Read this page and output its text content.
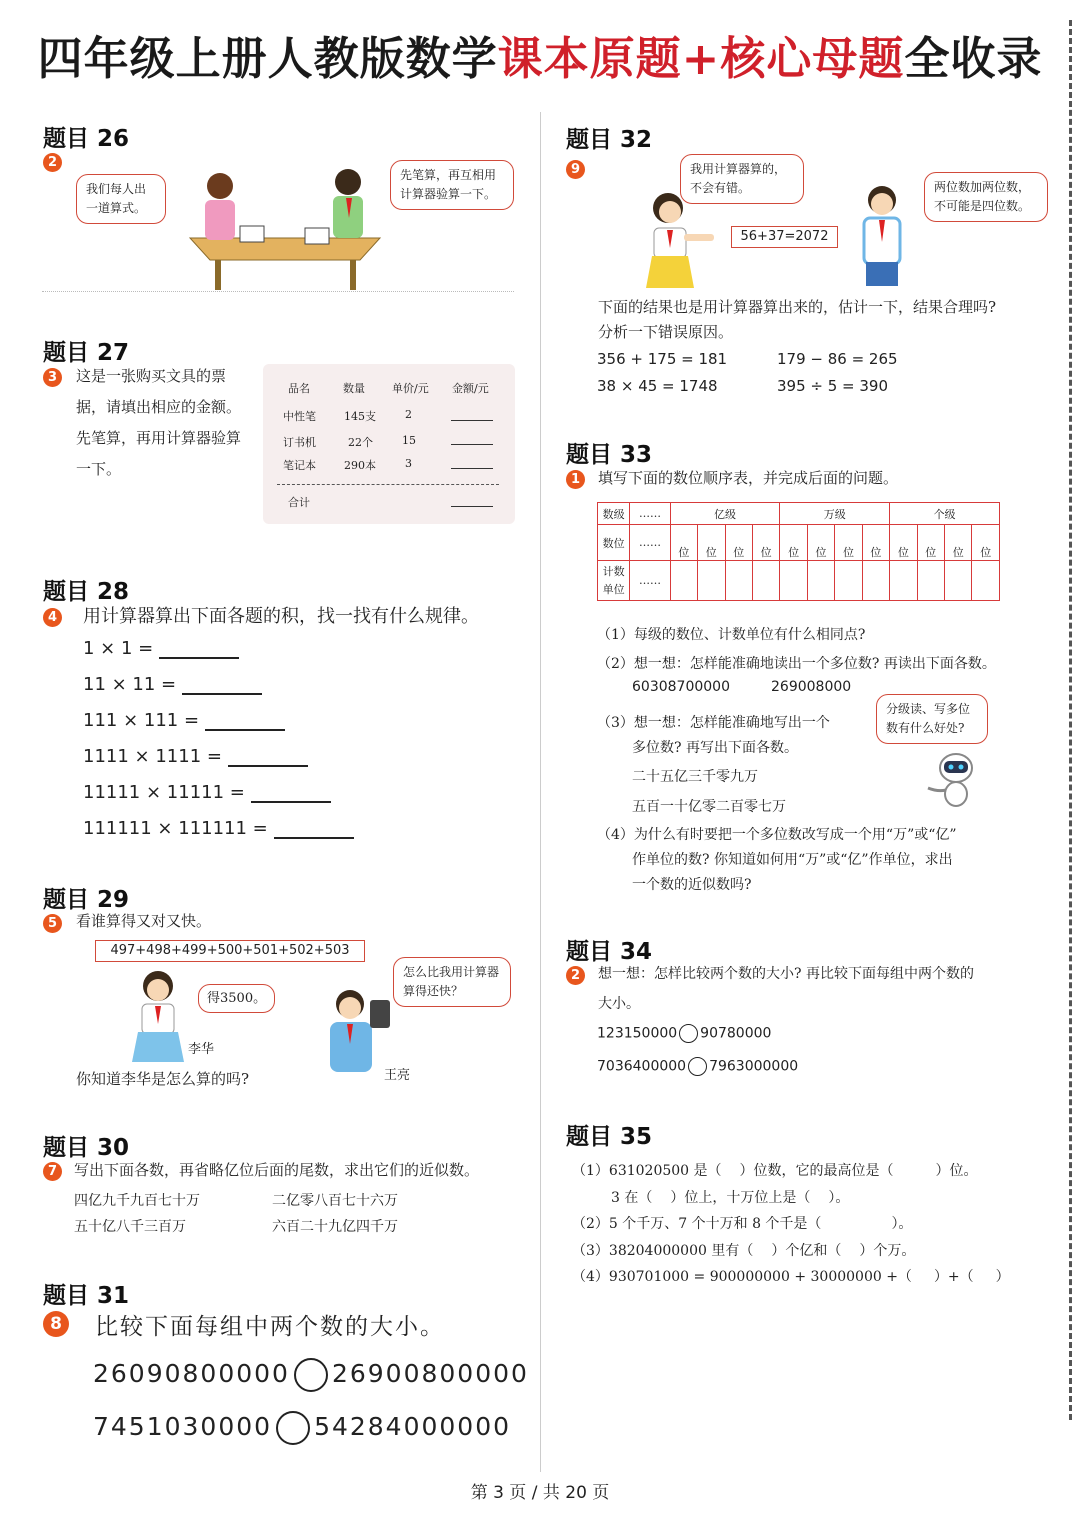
四年级上册人教版数学课本原题+核心母题全收录
题目 26
2
我们每人出一道算式。
先笔算，再互相用计算器验算一下。
题目 27
3	这是一张购买文具的票据，请填出相应的金额。先笔算，再用计算器验算一下。
品名	数量 单价/元 金额/元
中性笔	145支	2
订书机	22个	15
笔记本	290本	3
合计
题目 28
4 用计算器算出下面各题的积，找一找有什么规律。
1 × 1 =
11 × 11 =
111 × 111 =
1111 × 1111 =
11111 × 11111 =
111111 × 111111 =
题目 29
5	看谁算得又对又快。
497+498+499+500+501+502+503
得3500。
李华
怎么比我用计算器算得还快？
王亮
你知道李华是怎么算的吗?
题目 30
7	写出下面各数，再省略亿位后面的尾数，求出它们的近似数。
四亿九千九百七十万	二亿零八百七十六万
五十亿八千三百万	六百二十九亿四千万
题目 31
8	比较下面每组中两个数的大小。
26090800000 26900800000
7451030000 54284000000
题目 32
9	我用计算器算的，不会有错。	两位数加两位数，不可能是四位数。
56+37=2072
下面的结果也是用计算器算出来的，估计一下，结果合理吗?
分析一下错误原因。
356 + 175 = 181	179 − 86 = 265
38 × 45 = 1748	395 ÷ 5 = 390
题目 33
1	填写下面的数位顺序表，并完成后面的问题。
数级	……	亿级				万级				个级			
数位	……	位	位	位	位	位	位	位	位	位	位	位	位
计数单位	……												
（1）每级的数位、计数单位有什么相同点?
（2）想一想：怎样能准确地读出一个多位数? 再读出下面各数。
60308700000	269008000
（3）想一想：怎样能准确地写出一个
多位数? 再写出下面各数。
二十五亿三千零九万
五百一十亿零二百零七万
分级读、写多位数有什么好处?
（4）为什么有时要把一个多位数改写成一个用“万”或“亿”
作单位的数? 你知道如何用“万”或“亿”作单位，求出
一个数的近似数吗?
题目 34
2	想一想：怎样比较两个数的大小? 再比较下面每组中两个数的
大小。
123150000 90780000
7036400000 7963000000
题目 35
（1）631020500 是（ ）位数，它的最高位是（	）位。
3 在（ ）位上，十万位上是（ ）。
（2）5 个千万、7 个十万和 8 个千是（	）。
（3）38204000000 里有（ ）个亿和（ ）个万。
（4）930701000 = 900000000 + 30000000 +（ ）+（ ）
第 3 页 / 共 20 页
